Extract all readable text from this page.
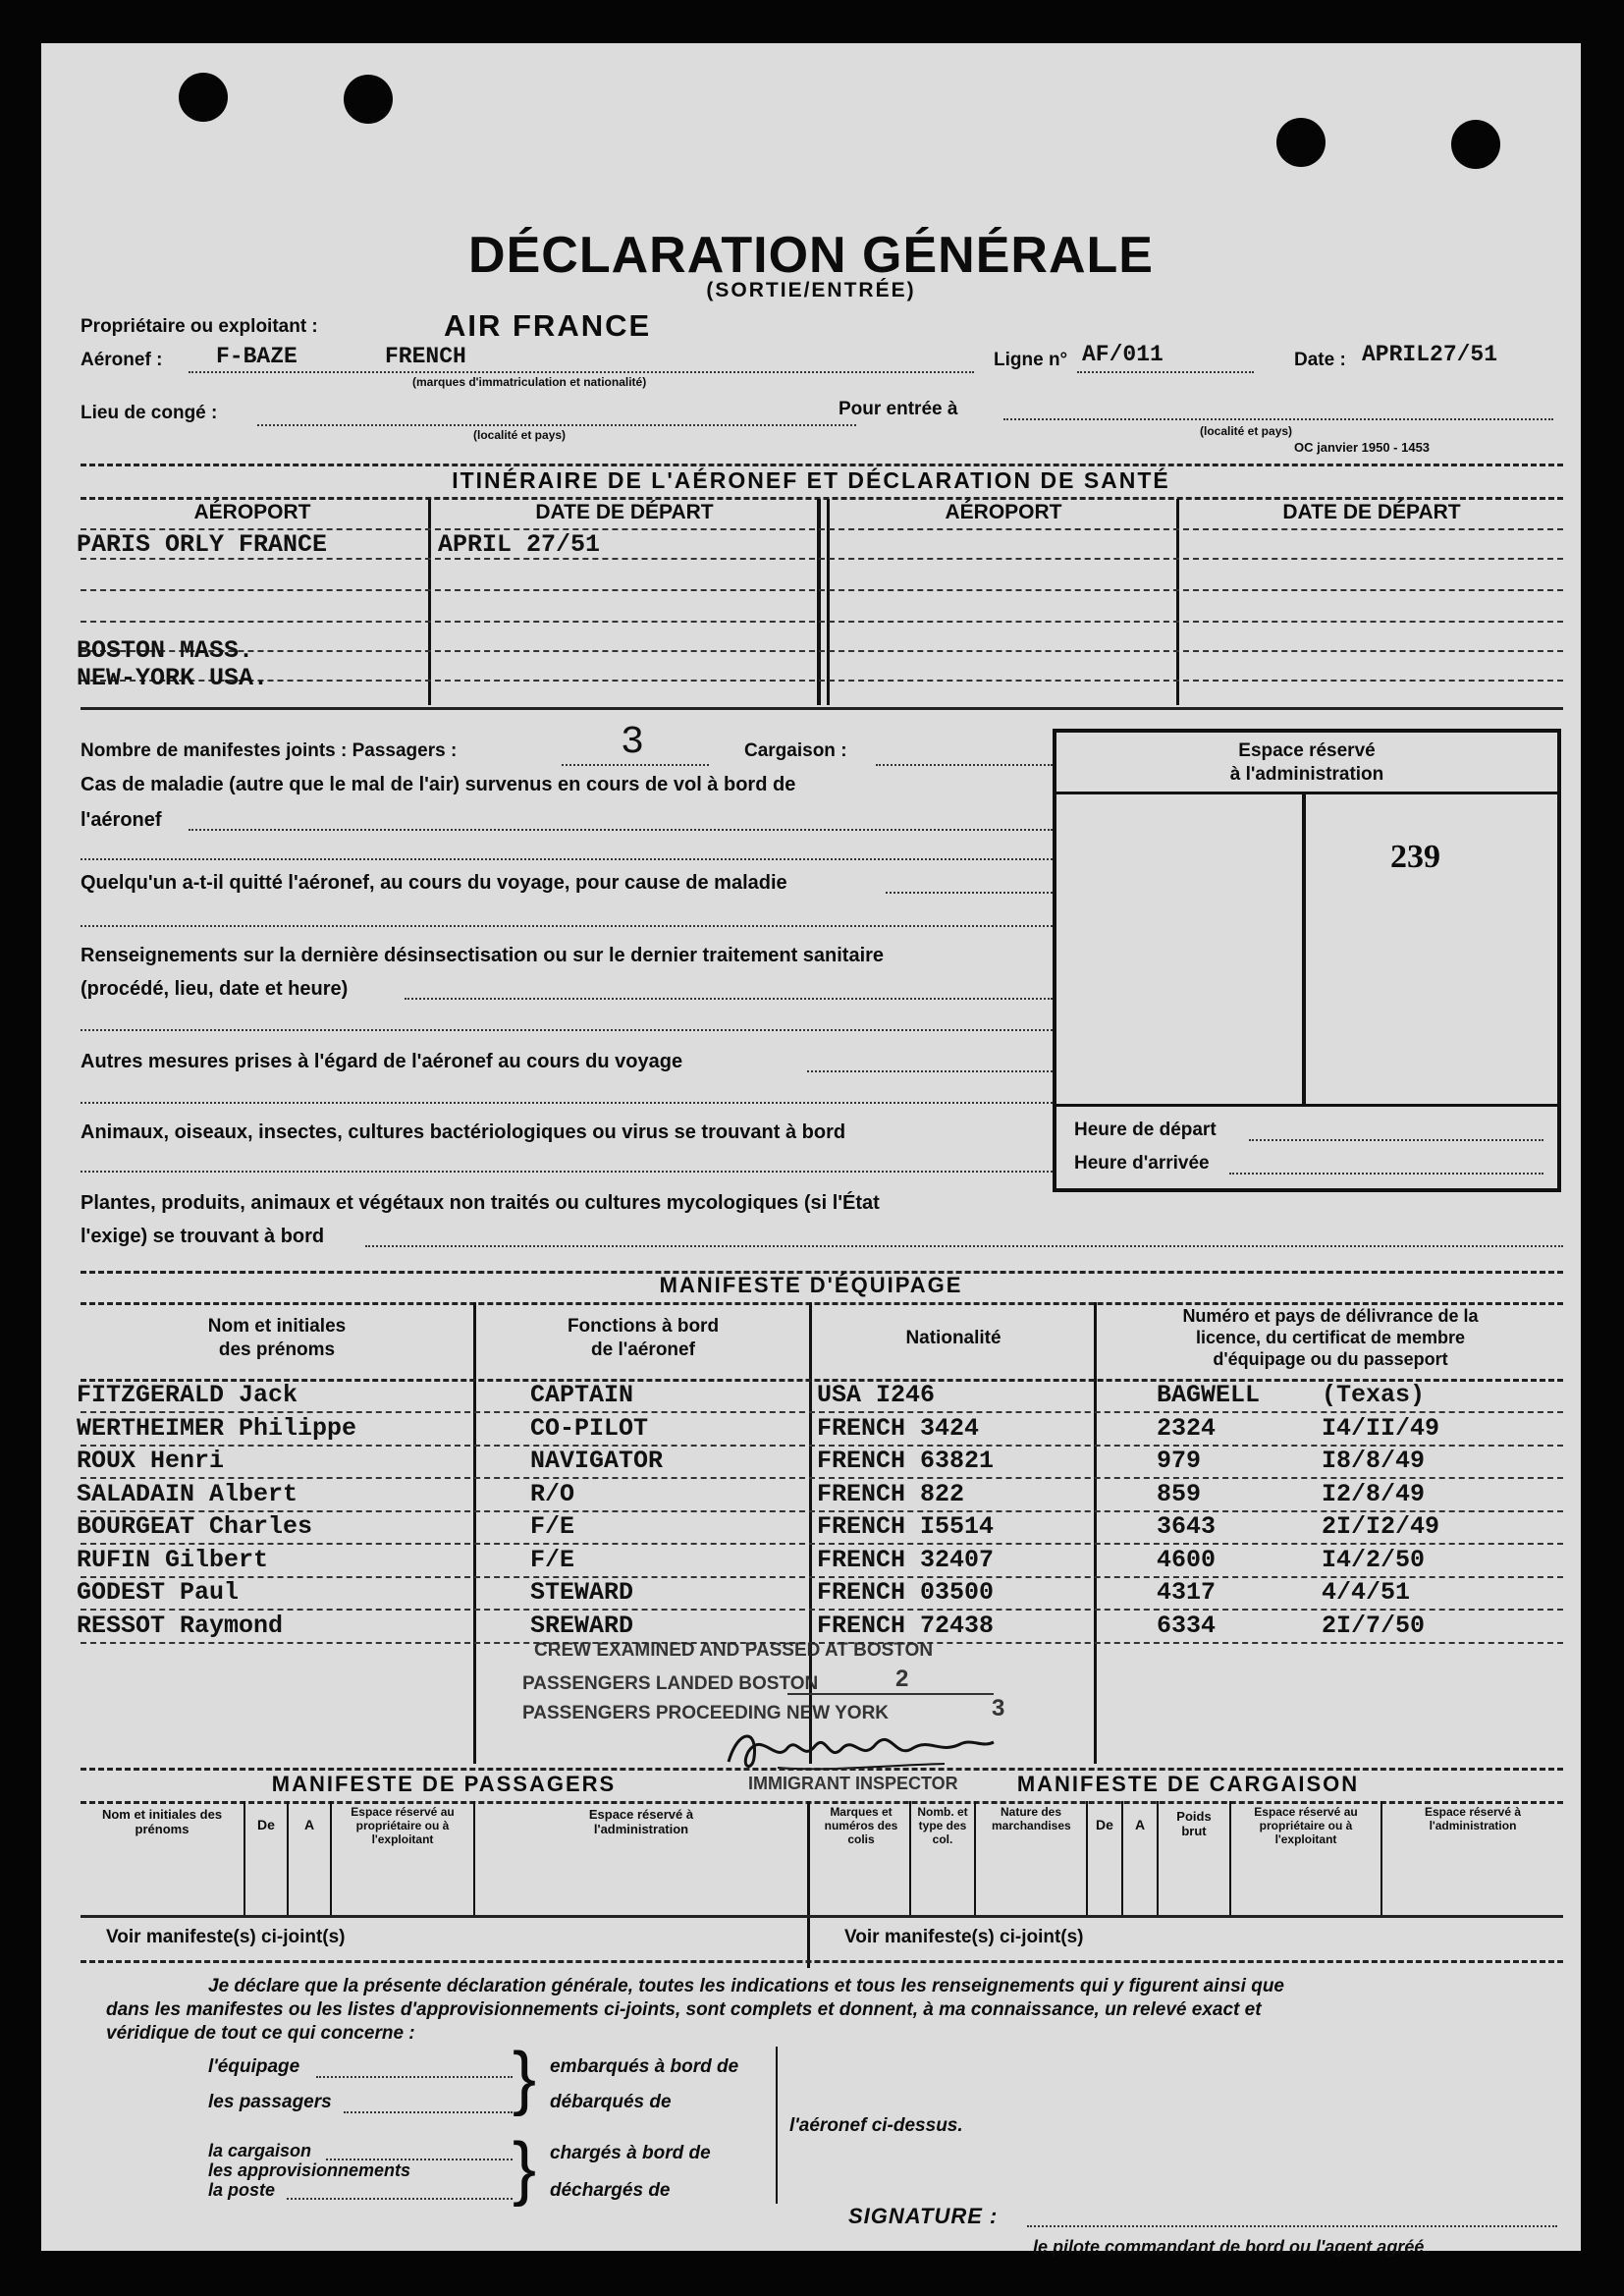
DÉCLARATION GÉNÉRALE
(SORTIE/ENTRÉE)
Propriétaire ou exploitant :	AIR FRANCE
Aéronef : F-BAZE	FRENCH
(marques d'immatriculation et nationalité)
Ligne n° AF/011	Date : APRIL27/51
Lieu de congé :
(localité et pays)
Pour entrée à
(localité et pays)
OC janvier 1950 - 1453
ITINÉRAIRE DE L'AÉRONEF ET DÉCLARATION DE SANTÉ
AÉROPORT	DATE DE DÉPART	AÉROPORT	DATE DE DÉPART
PARIS ORLY FRANCE	APRIL 27/51
BOSTON MASS.
NEW-YORK USA.
Nombre de manifestes joints : Passagers :	3	Cargaison :
Cas de maladie (autre que le mal de l'air) survenus en cours de vol à bord de
l'aéronef
Quelqu'un a-t-il quitté l'aéronef, au cours du voyage, pour cause de maladie
Renseignements sur la dernière désinsectisation ou sur le dernier traitement sanitaire
(procédé, lieu, date et heure)
Autres mesures prises à l'égard de l'aéronef au cours du voyage
Animaux, oiseaux, insectes, cultures bactériologiques ou virus se trouvant à bord
Plantes, produits, animaux et végétaux non traités ou cultures mycologiques (si l'État
l'exige) se trouvant à bord
Espace réservé
à l'administration
239
Heure de départ
Heure d'arrivée
MANIFESTE D'ÉQUIPAGE
Nom et initiales
des prénoms
Fonctions à bord
de l'aéronef
Nationalité
Numéro et pays de délivrance de la
licence, du certificat de membre
d'équipage ou du passeport
FITZGERALD Jack	CAPTAIN	USA I246	BAGWELL	(Texas)
WERTHEIMER Philippe	CO-PILOT	FRENCH 3424	2324	I4/II/49
ROUX Henri	NAVIGATOR	FRENCH 63821	979	I8/8/49
SALADAIN Albert	R/O	FRENCH 822	859	I2/8/49
BOURGEAT Charles	F/E	FRENCH I5514	3643	2I/I2/49
RUFIN Gilbert	F/E	FRENCH 32407	4600	I4/2/50
GODEST Paul	STEWARD	FRENCH 03500	4317	4/4/51
RESSOT Raymond	SREWARD	FRENCH 72438	6334	2I/7/50
CREW EXAMINED AND PASSED AT BOSTON
PASSENGERS LANDED BOSTON	2
PASSENGERS PROCEEDING NEW YORK	3
IMMIGRANT INSPECTOR
MANIFESTE DE PASSAGERS	MANIFESTE DE CARGAISON
Nom et initiales des prénoms	De	A
Espace réservé au propriétaire ou à l'exploitant
Espace réservé à l'administration
Voir manifeste(s) ci-joint(s)
Marques et numéros des colis
Nomb. et type des col.
Nature des marchandises	De	A
Poids brut
Espace réservé au propriétaire ou à l'exploitant
Espace réservé à l'administration
Voir manifeste(s) ci-joint(s)
Je déclare que la présente déclaration générale, toutes les indications et tous les renseignements qui y figurent ainsi que
dans les manifestes ou les listes d'approvisionnements ci-joints, sont complets et donnent, à ma connaissance, un relevé exact et
véridique de tout ce qui concerne :
l'équipage
les passagers	} embarqués à bord de
débarqués de
la cargaison
les approvisionnements
la poste	} chargés à bord de
déchargés de
l'aéronef ci-dessus.
SIGNATURE :
le pilote commandant de bord ou l'agent agréé
